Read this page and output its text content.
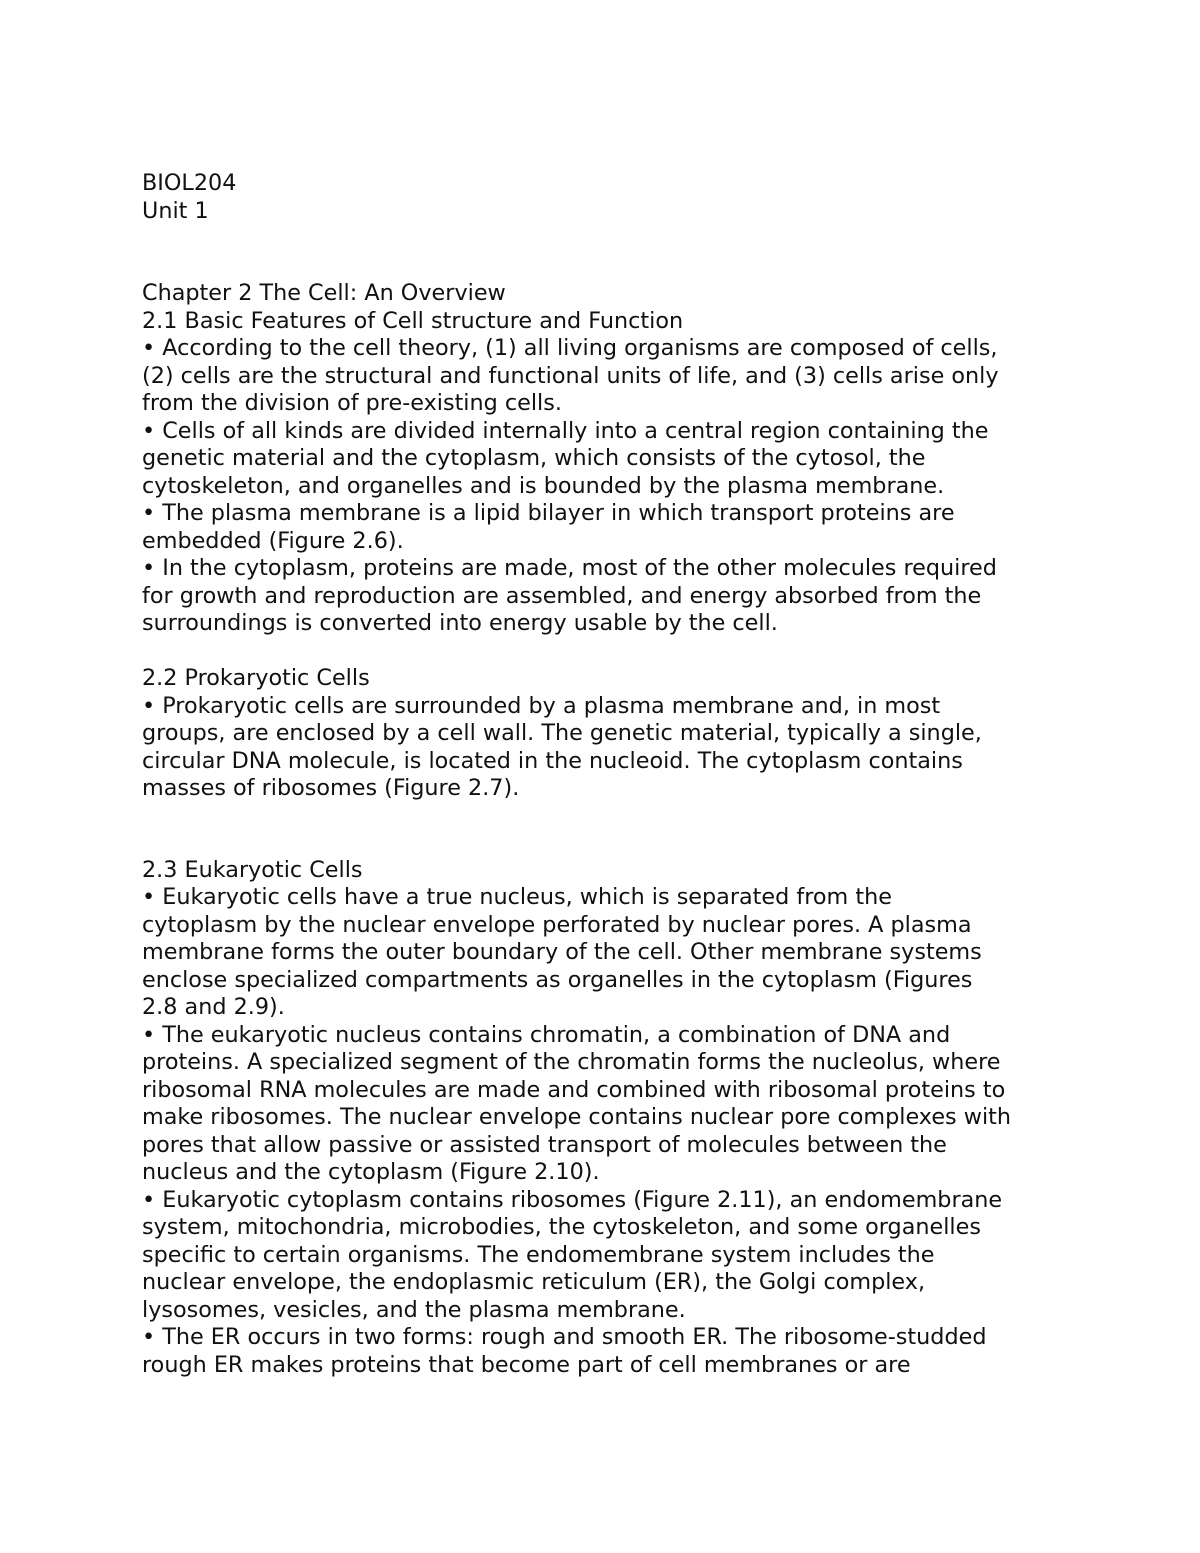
BIOL204
Unit 1
Chapter 2 The Cell: An Overview
2.1 Basic Features of Cell structure and Function
• According to the cell theory, (1) all living organisms are composed of cells,
(2) cells are the structural and functional units of life, and (3) cells arise only
from the division of pre-existing cells.
• Cells of all kinds are divided internally into a central region containing the
genetic material and the cytoplasm, which consists of the cytosol, the
cytoskeleton, and organelles and is bounded by the plasma membrane.
• The plasma membrane is a lipid bilayer in which transport proteins are
embedded (Figure 2.6).
• In the cytoplasm, proteins are made, most of the other molecules required
for growth and reproduction are assembled, and energy absorbed from the
surroundings is converted into energy usable by the cell.
2.2 Prokaryotic Cells
• Prokaryotic cells are surrounded by a plasma membrane and, in most
groups, are enclosed by a cell wall. The genetic material, typically a single,
circular DNA molecule, is located in the nucleoid. The cytoplasm contains
masses of ribosomes (Figure 2.7).
2.3 Eukaryotic Cells
• Eukaryotic cells have a true nucleus, which is separated from the
cytoplasm by the nuclear envelope perforated by nuclear pores. A plasma
membrane forms the outer boundary of the cell. Other membrane systems
enclose specialized compartments as organelles in the cytoplasm (Figures
2.8 and 2.9).
• The eukaryotic nucleus contains chromatin, a combination of DNA and
proteins. A specialized segment of the chromatin forms the nucleolus, where
ribosomal RNA molecules are made and combined with ribosomal proteins to
make ribosomes. The nuclear envelope contains nuclear pore complexes with
pores that allow passive or assisted transport of molecules between the
nucleus and the cytoplasm (Figure 2.10).
• Eukaryotic cytoplasm contains ribosomes (Figure 2.11), an endomembrane
system, mitochondria, microbodies, the cytoskeleton, and some organelles
specific to certain organisms. The endomembrane system includes the
nuclear envelope, the endoplasmic reticulum (ER), the Golgi complex,
lysosomes, vesicles, and the plasma membrane.
• The ER occurs in two forms: rough and smooth ER. The ribosome-studded
rough ER makes proteins that become part of cell membranes or are
